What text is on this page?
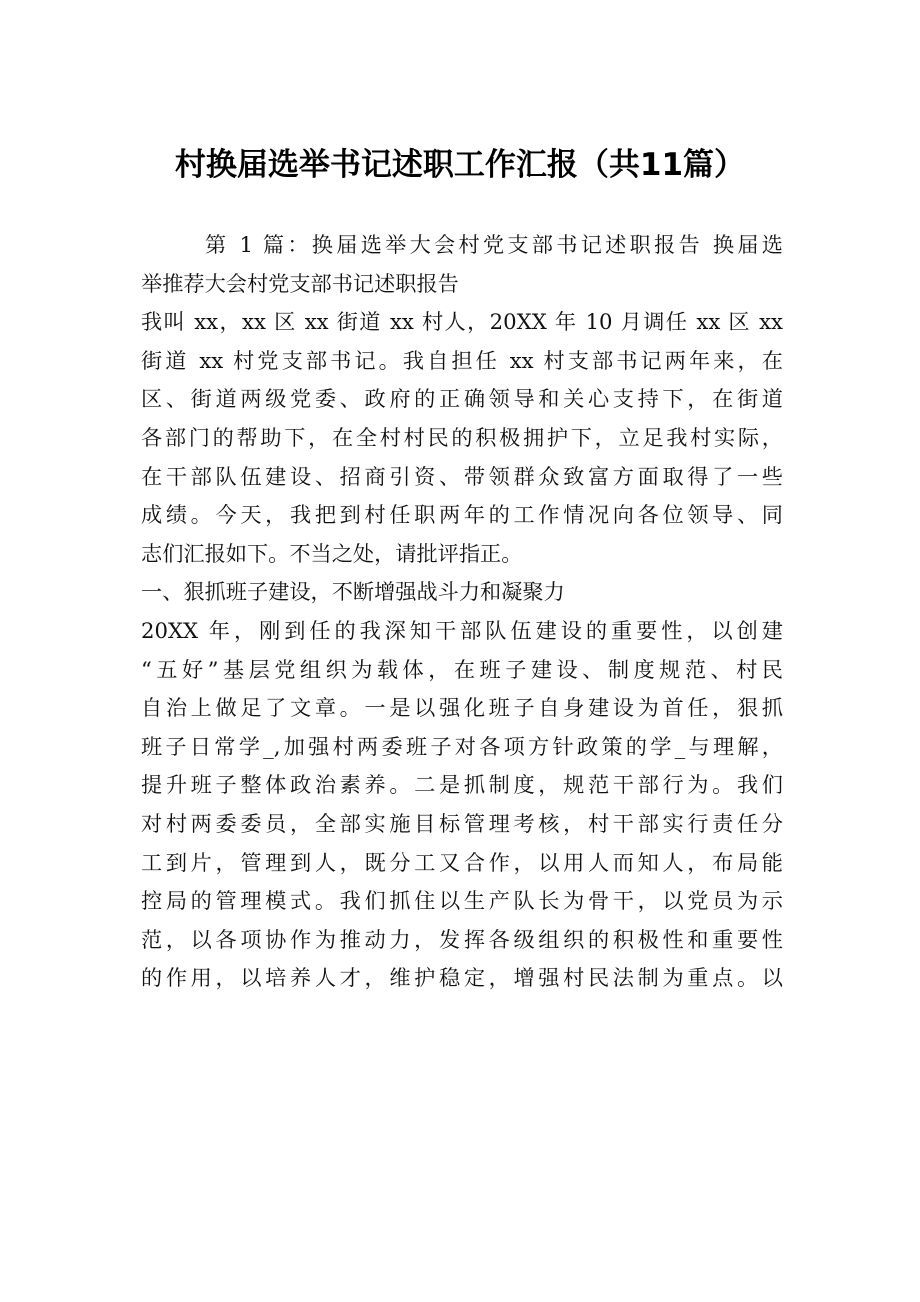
村换届选举书记述职工作汇报（共11篇）
第 1 篇：换届选举大会村党支部书记述职报告 换届选
举推荐大会村党支部书记述职报告
我叫 xx，xx 区 xx 街道 xx 村人，20XX 年 10 月调任 xx 区 xx
街道 xx 村党支部书记。我自担任 xx 村支部书记两年来，在
区、街道两级党委、政府的正确领导和关心支持下，在街道
各部门的帮助下，在全村村民的积极拥护下，立足我村实际，
在干部队伍建设、招商引资、带领群众致富方面取得了一些
成绩。今天，我把到村任职两年的工作情况向各位领导、同
志们汇报如下。不当之处，请批评指正。
一、狠抓班子建设，不断增强战斗力和凝聚力
20XX 年，刚到任的我深知干部队伍建设的重要性，以创建
“五好”基层党组织为载体，在班子建设、制度规范、村民
自治上做足了文章。一是以强化班子自身建设为首任，狠抓
班子日常学_,加强村两委班子对各项方针政策的学_与理解，
提升班子整体政治素养。二是抓制度，规范干部行为。我们
对村两委委员，全部实施目标管理考核，村干部实行责任分
工到片，管理到人，既分工又合作，以用人而知人，布局能
控局的管理模式。我们抓住以生产队长为骨干，以党员为示
范，以各项协作为推动力，发挥各级组织的积极性和重要性
的作用，以培养人才，维护稳定，增强村民法制为重点。以
